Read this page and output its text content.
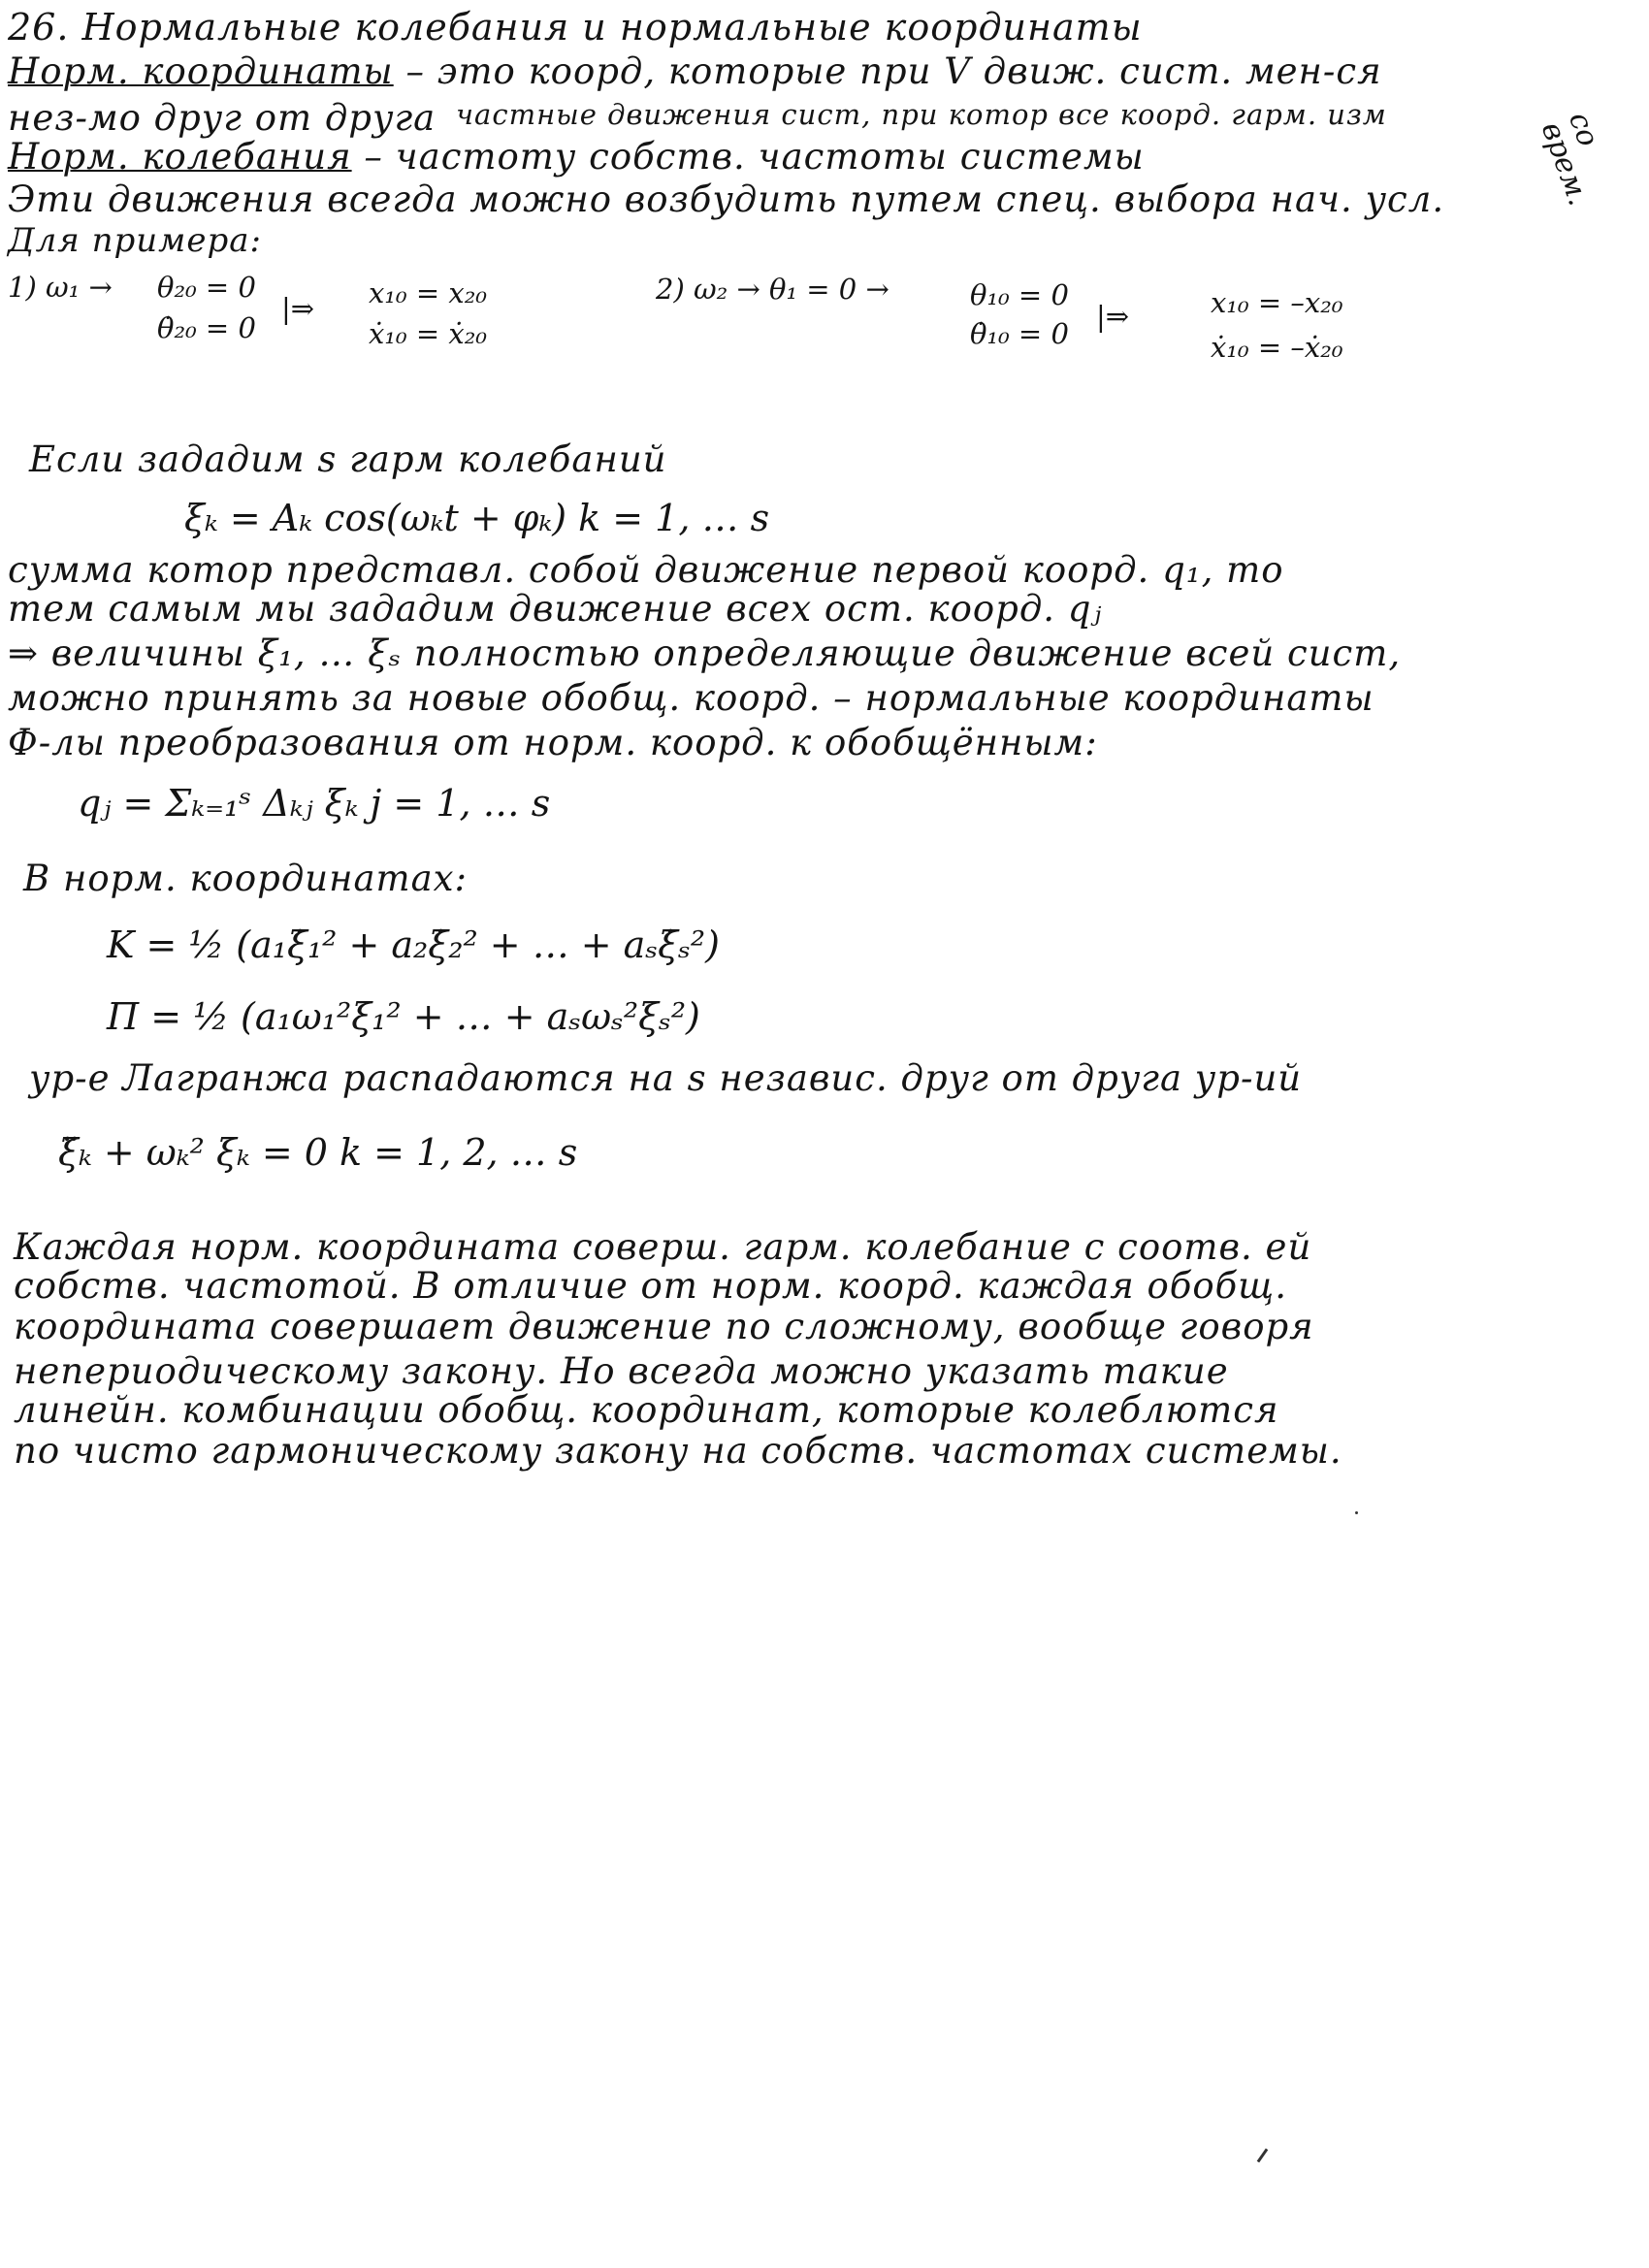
26. Нормальные колебания и нормальные координаты
Норм. координаты – это коорд, которые при V движ. сист. мен-ся
нез-мо друг от друга частные движения сист, при котор все коорд. гарм. изм	со врем.
Норм. колебания – частоту собств. частоты системы
Эти движения всегда можно возбудить путем спец. выбора нач. усл.
Для примера:
1) ω₁ → θ₂₀ = 0
θ̇₂₀ = 0
|⇒ x₁₀ = x₂₀
ẋ₁₀ = ẋ₂₀
2) ω₂ → θ₁ = 0 →	θ₁₀ = 0
θ̇₁₀ = 0
|⇒	x₁₀ = –x₂₀
ẋ₁₀ = –ẋ₂₀
Если зададим s гарм колебаний
ξₖ = Aₖ cos(ωₖt + φₖ) k = 1, … s
сумма котор представл. собой движение первой коорд. q₁, то
тем самым мы зададим движение всех ост. коорд. qⱼ
⇒ величины ξ₁, … ξₛ полностью определяющие движение всей сист,
можно принять за новые обобщ. коорд. – нормальные координаты
Ф-лы преобразования от норм. коорд. к обобщённым:
qⱼ = Σₖ₌₁ˢ Δₖⱼ ξₖ j = 1, … s
В норм. координатах:
K = ½ (a₁ξ̇₁² + a₂ξ̇₂² + … + aₛξ̇ₛ²)
П = ½ (a₁ω₁²ξ₁² + … + aₛωₛ²ξₛ²)
ур-е Лагранжа распадаются на s независ. друг от друга ур-ий
ξ̈ₖ + ωₖ² ξₖ = 0 k = 1, 2, … s
Каждая норм. координата соверш. гарм. колебание с соотв. ей
собств. частотой. В отличие от норм. коорд. каждая обобщ.
координата совершает движение по сложному, вообще говоря
непериодическому закону. Но всегда можно указать такие
линейн. комбинации обобщ. координат, которые колеблются
по чисто гармоническому закону на собств. частотах системы.
